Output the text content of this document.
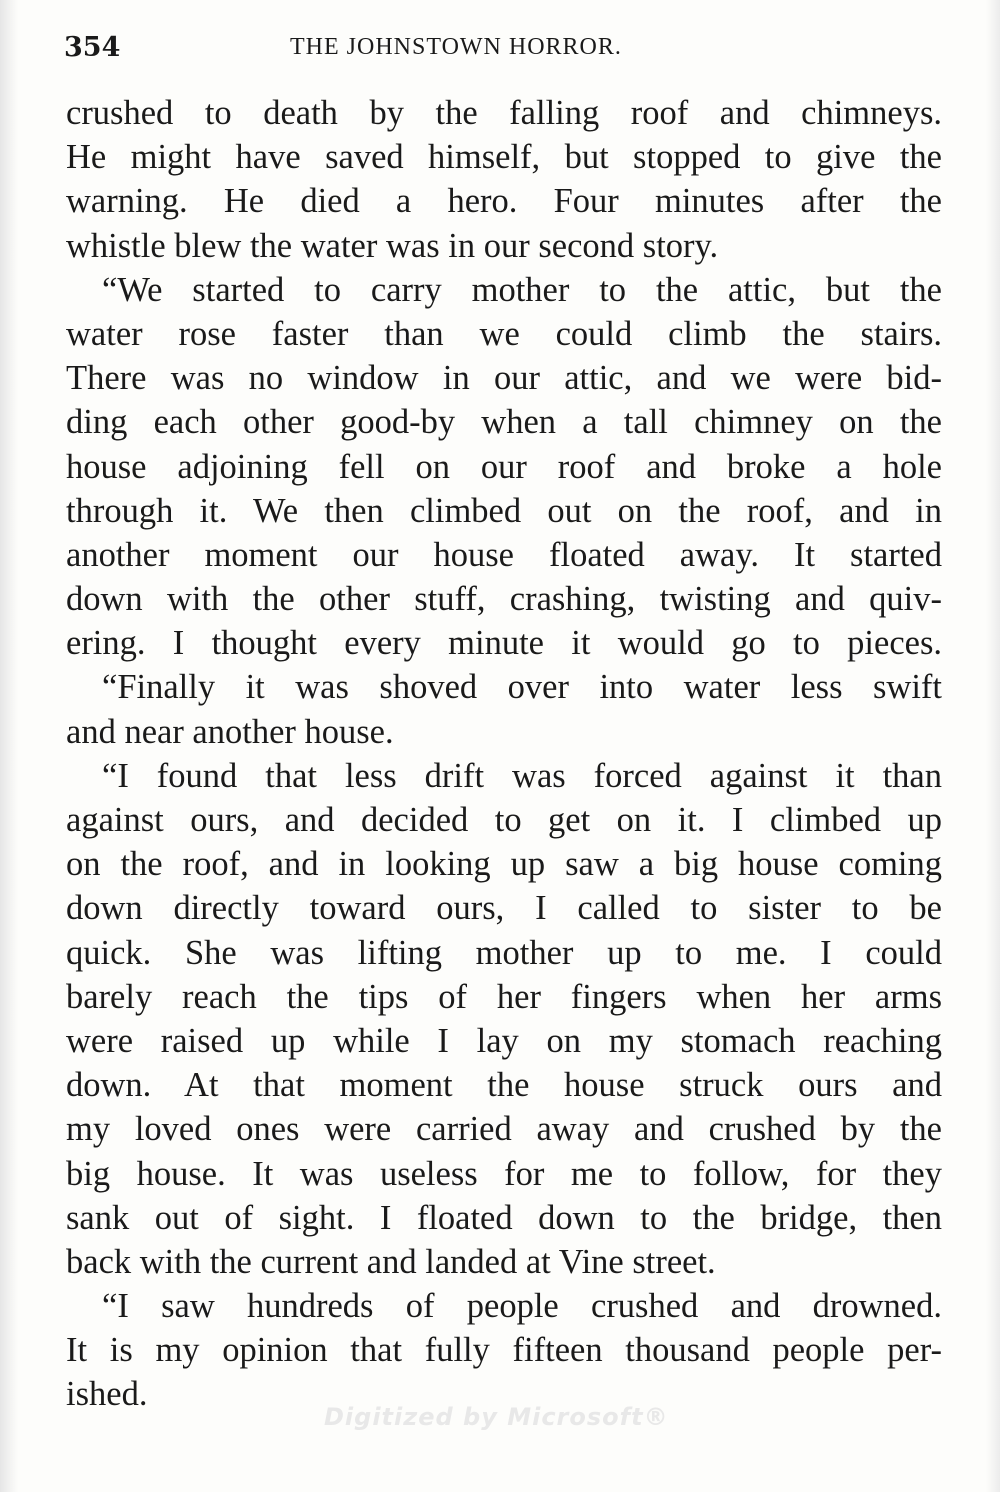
354	THE JOHNSTOWN HORROR.
crushed to death by the falling roof and chimneys.
He might have saved himself, but stopped to give the
warning. He died a hero. Four minutes after the
whistle blew the water was in our second story.
“We started to carry mother to the attic, but the
water rose faster than we could climb the stairs.
There was no window in our attic, and we were bid-
ding each other good-by when a tall chimney on the
house adjoining fell on our roof and broke a hole
through it. We then climbed out on the roof, and in
another moment our house floated away. It started
down with the other stuff, crashing, twisting and quiv-
ering. I thought every minute it would go to pieces.
“Finally it was shoved over into water less swift
and near another house.
“I found that less drift was forced against it than
against ours, and decided to get on it. I climbed up
on the roof, and in looking up saw a big house coming
down directly toward ours, I called to sister to be
quick. She was lifting mother up to me. I could
barely reach the tips of her fingers when her arms
were raised up while I lay on my stomach reaching
down. At that moment the house struck ours and
my loved ones were carried away and crushed by the
big house. It was useless for me to follow, for they
sank out of sight. I floated down to the bridge, then
back with the current and landed at Vine street.
“I saw hundreds of people crushed and drowned.
It is my opinion that fully fifteen thousand people per-
ished.
Digitized by Microsoft®
